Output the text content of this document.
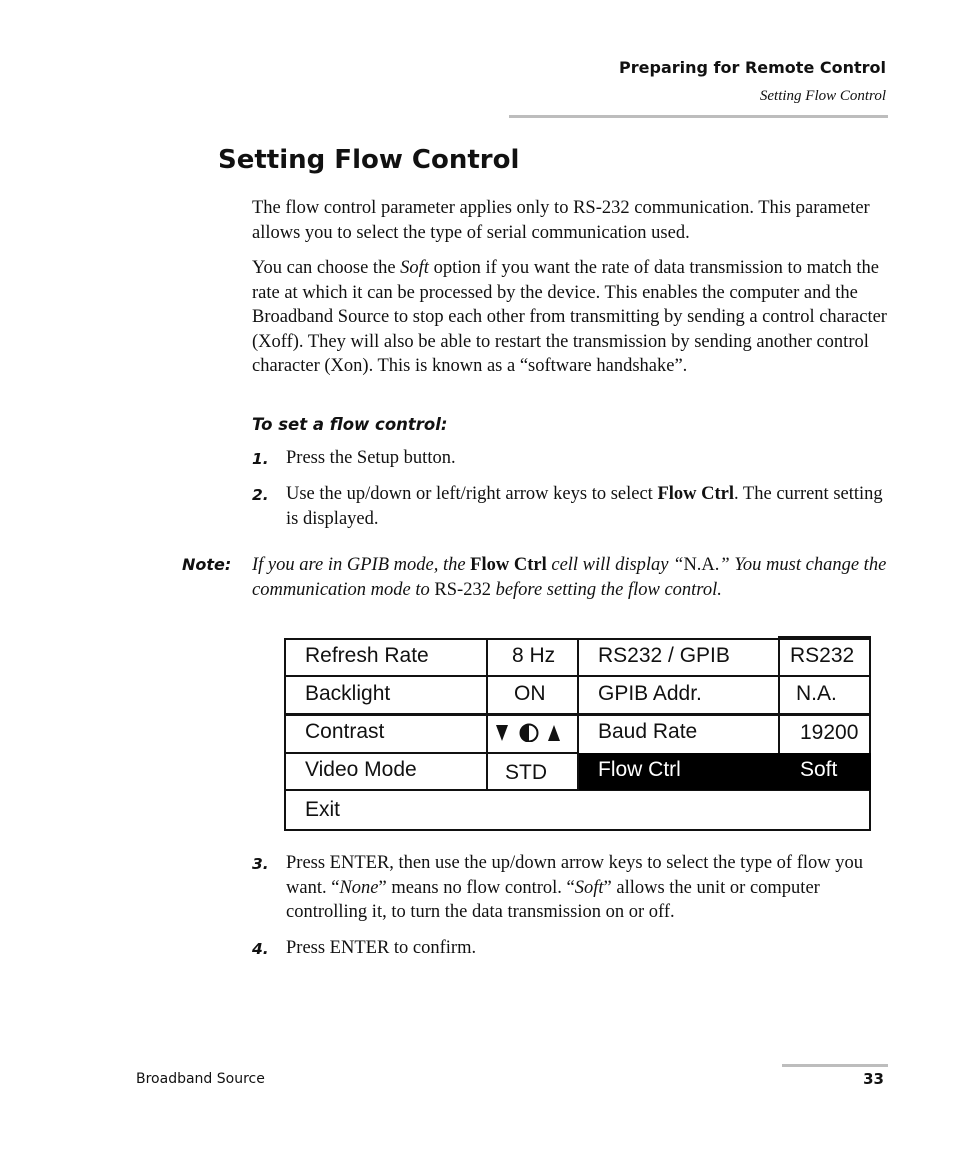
Preparing for Remote Control
Setting Flow Control
Setting Flow Control
The flow control parameter applies only to RS-232 communication. This parameter allows you to select the type of serial communication used.
You can choose the Soft option if you want the rate of data transmission to match the rate at which it can be processed by the device. This enables the computer and the Broadband Source to stop each other from transmitting by sending a control character (Xoff). They will also be able to restart the transmission by sending another control character (Xon). This is known as a “software handshake”.
To set a flow control:
1. Press the Setup button.
2. Use the up/down or left/right arrow keys to select Flow Ctrl. The current setting is displayed.
Note: If you are in GPIB mode, the Flow Ctrl cell will display “N.A.” You must change the communication mode to RS-232 before setting the flow control.
Refresh Rate
Backlight
Contrast
Video Mode
Exit
8 Hz
ON
STD
RS232 / GPIB
GPIB Addr.
Baud Rate
Flow Ctrl
RS232
N.A.
19200
Soft
3. Press ENTER, then use the up/down arrow keys to select the type of flow you want. “None” means no flow control. “Soft” allows the unit or computer controlling it, to turn the data transmission on or off.
4. Press ENTER to confirm.
Broadband Source	33
